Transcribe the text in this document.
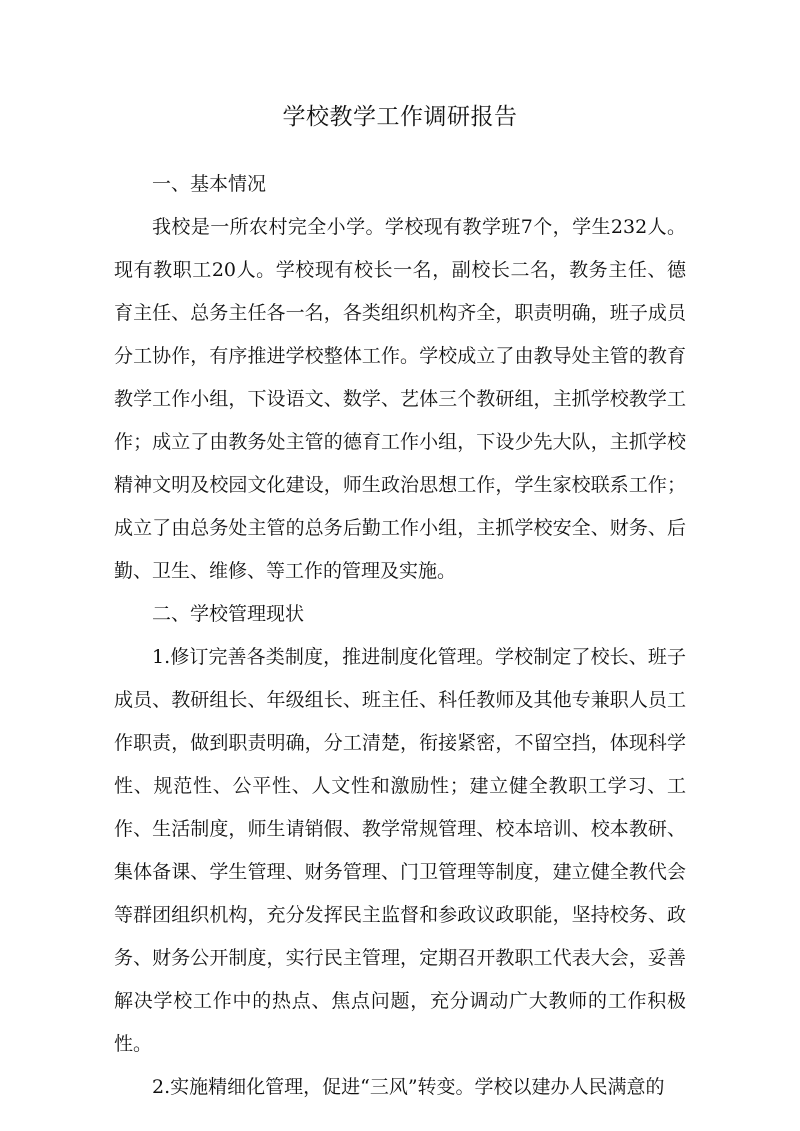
学校教学工作调研报告

一、基本情况

我校是一所农村完全小学。学校现有教学班7个，学生232人。现有教职工20人。学校现有校长一名，副校长二名，教务主任、德育主任、总务主任各一名，各类组织机构齐全，职责明确，班子成员分工协作，有序推进学校整体工作。学校成立了由教导处主管的教育教学工作小组，下设语文、数学、艺体三个教研组，主抓学校教学工作；成立了由教务处主管的德育工作小组，下设少先大队，主抓学校精神文明及校园文化建设，师生政治思想工作，学生家校联系工作；成立了由总务处主管的总务后勤工作小组，主抓学校安全、财务、后勤、卫生、维修、等工作的管理及实施。

二、学校管理现状

1.修订完善各类制度，推进制度化管理。学校制定了校长、班子成员、教研组长、年级组长、班主任、科任教师及其他专兼职人员工作职责，做到职责明确，分工清楚，衔接紧密，不留空挡，体现科学性、规范性、公平性、人文性和激励性；建立健全教职工学习、工作、生活制度，师生请销假、教学常规管理、校本培训、校本教研、集体备课、学生管理、财务管理、门卫管理等制度，建立健全教代会等群团组织机构，充分发挥民主监督和参政议政职能，坚持校务、政务、财务公开制度，实行民主管理，定期召开教职工代表大会，妥善解决学校工作中的热点、焦点问题，充分调动广大教师的工作积极性。

2.实施精细化管理，促进“三风”转变。学校以建办人民满意的
